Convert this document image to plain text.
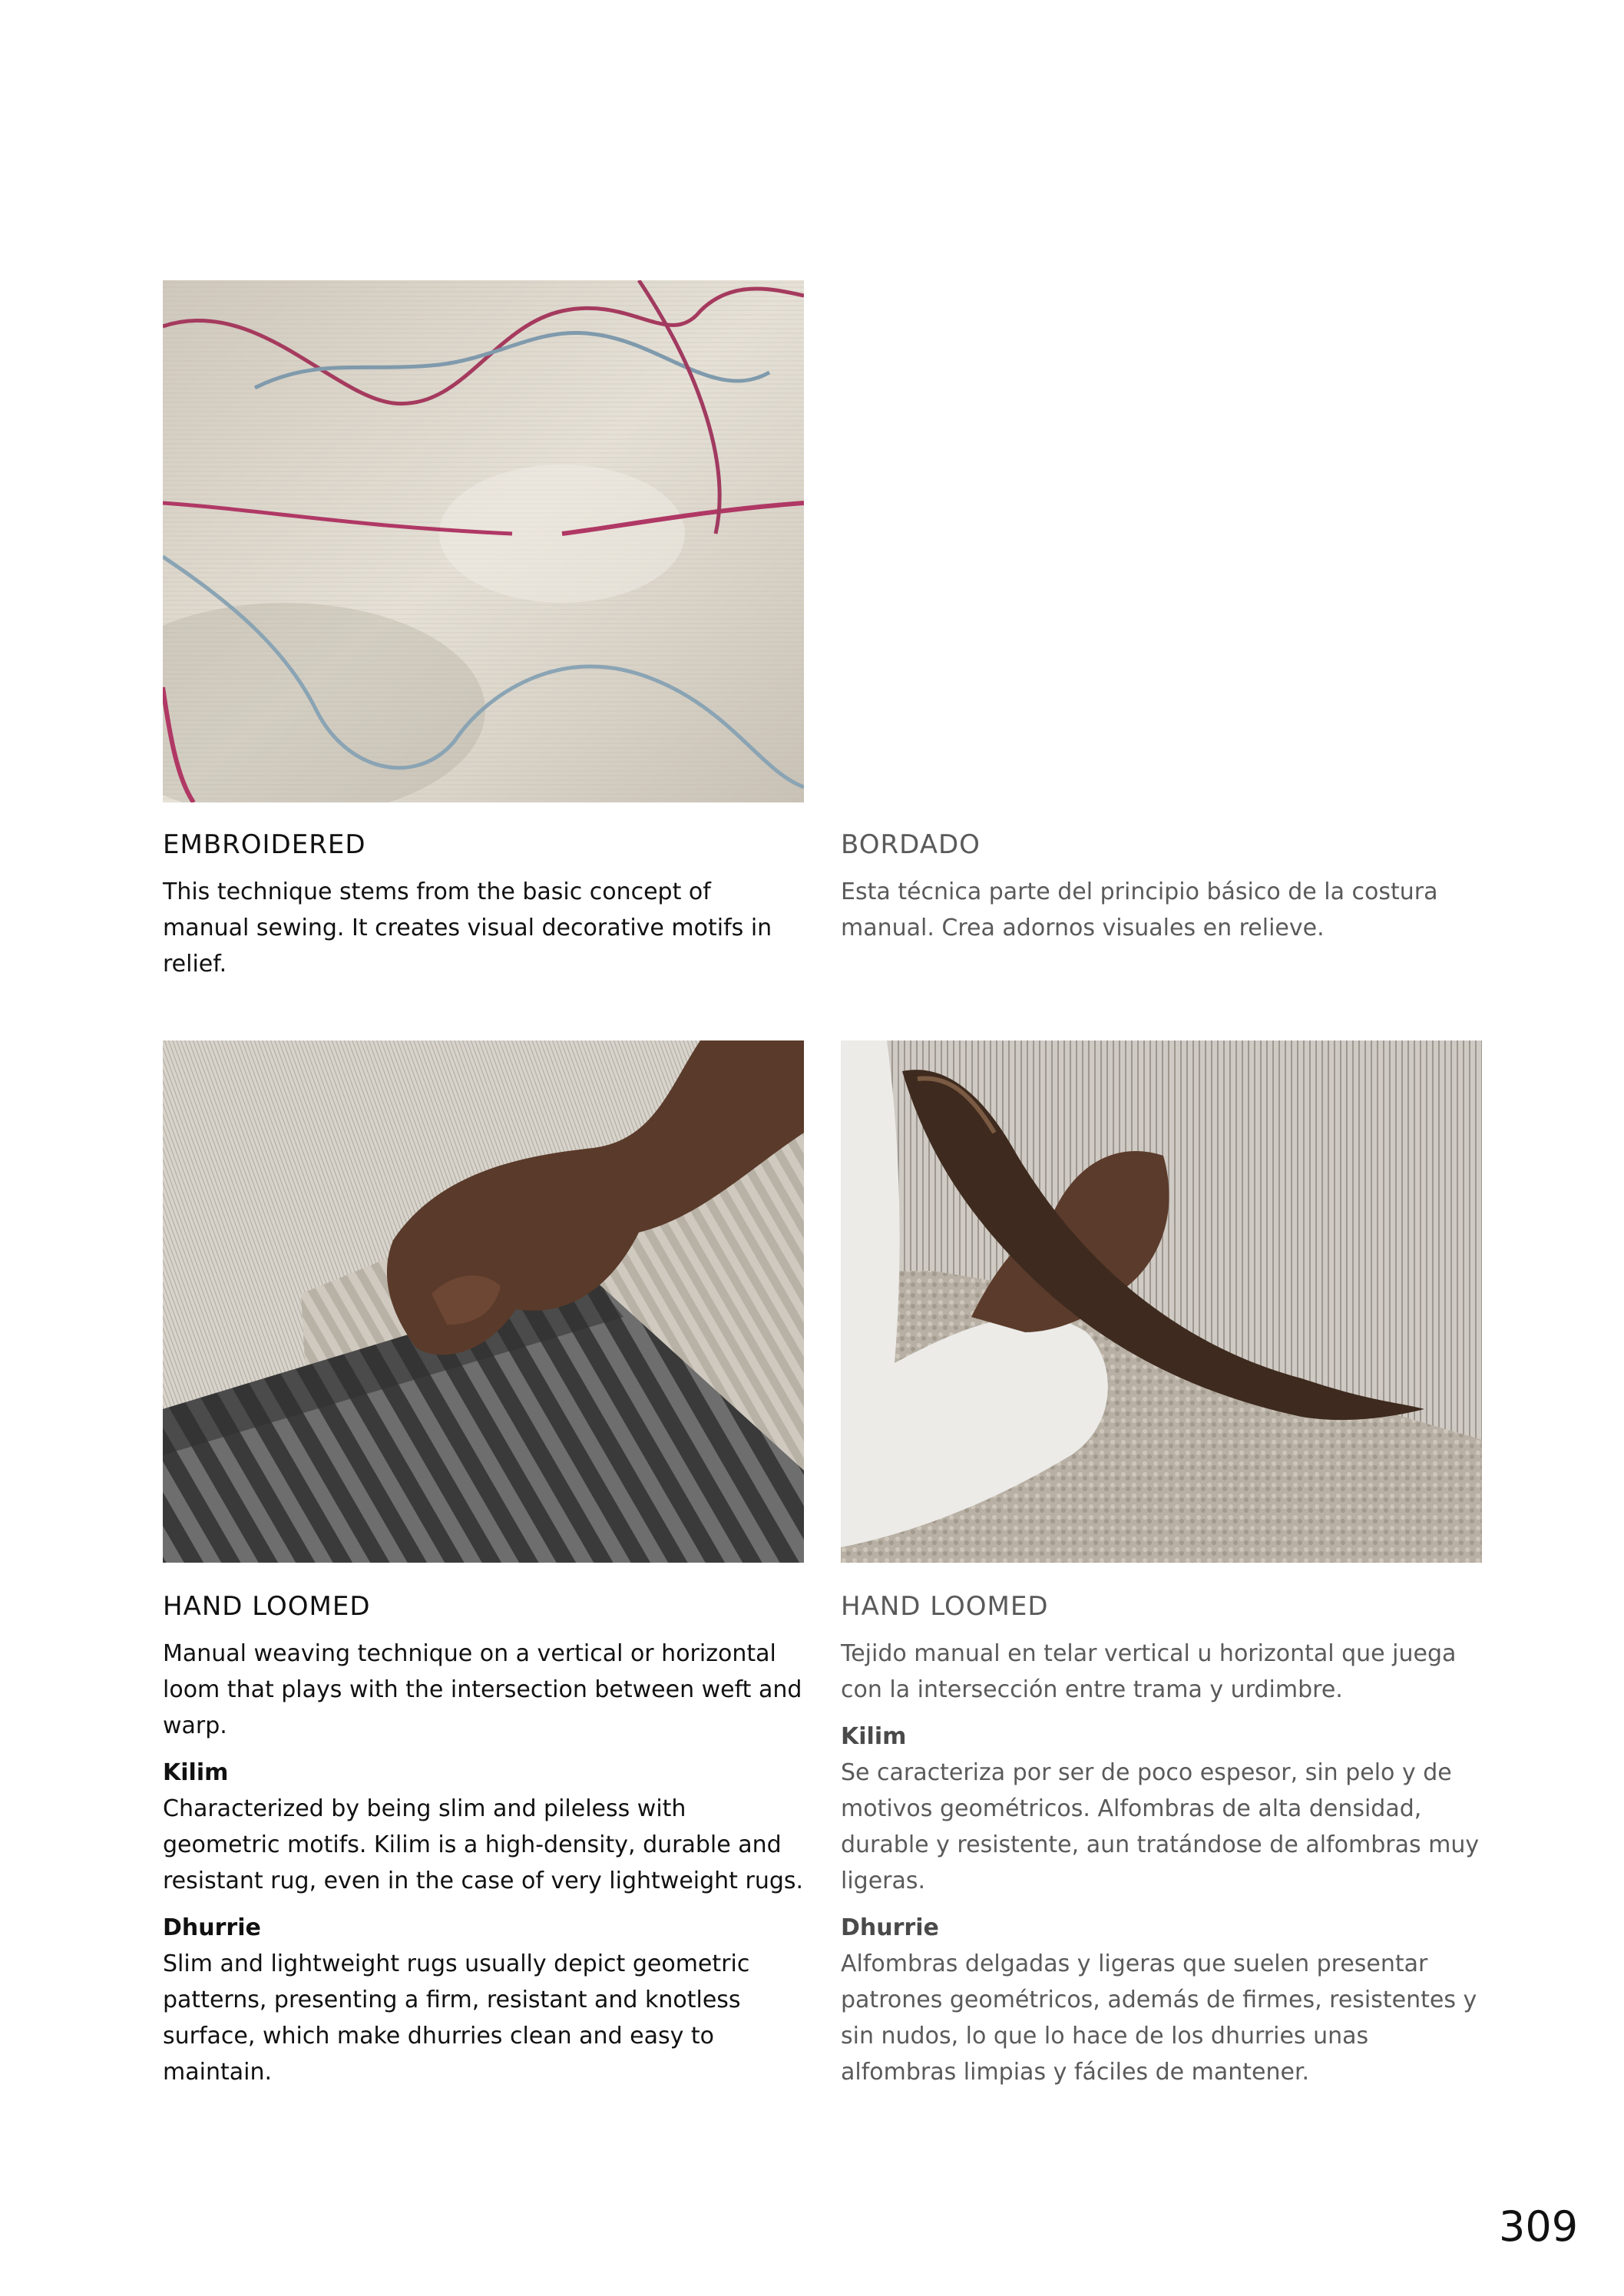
EMBROIDERED

This technique stems from the basic concept of manual sewing. It creates visual decorative motifs in relief.

BORDADO

Esta técnica parte del principio básico de la costura manual. Crea adornos visuales en relieve.

HAND LOOMED

Manual weaving technique on a vertical or horizontal loom that plays with the intersection between weft and warp.

Kilim

Characterized by being slim and pileless with geometric motifs. Kilim is a high-density, durable and resistant rug, even in the case of very lightweight rugs.

Dhurrie

Slim and lightweight rugs usually depict geometric patterns, presenting a firm, resistant and knotless surface, which make dhurries clean and easy to maintain.

HAND LOOMED

Tejido manual en telar vertical u horizontal que juega con la intersección entre trama y urdimbre.

Kilim

Se caracteriza por ser de poco espesor, sin pelo y de motivos geométricos. Alfombras de alta densidad, durable y resistente, aun tratándose de alfombras muy ligeras.

Dhurrie

Alfombras delgadas y ligeras que suelen presentar patrones geométricos, además de firmes, resistentes y sin nudos, lo que lo hace de los dhurries unas alfombras limpias y fáciles de mantener.

309
